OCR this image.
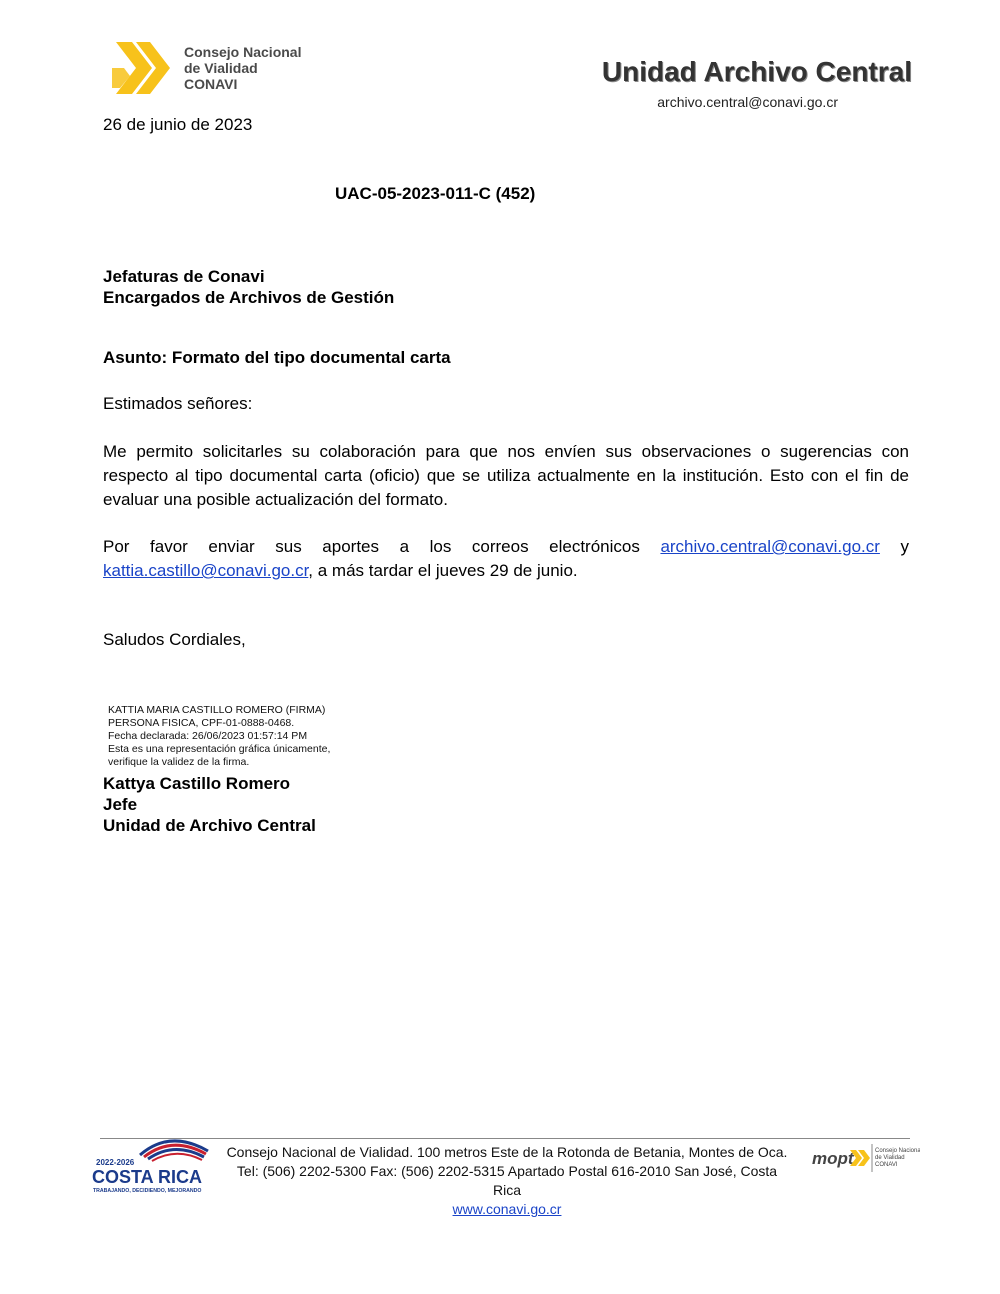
Consejo Nacional
de Vialidad
CONAVI	Unidad Archivo Central
archivo.central@conavi.go.cr
26 de junio de 2023
UAC-05-2023-011-C (452)
Jefaturas de Conavi
Encargados de Archivos de Gestión
Asunto: Formato del tipo documental carta
Estimados señores:
Me permito solicitarles su colaboración para que nos envíen sus observaciones o sugerencias con respecto al tipo documental carta (oficio) que se utiliza actualmente en la institución. Esto con el fin de evaluar una posible actualización del formato.
Por favor enviar sus aportes a los correos electrónicos archivo.central@conavi.go.cr y kattia.castillo@conavi.go.cr, a más tardar el jueves 29 de junio.
Saludos Cordiales,
KATTIA MARIA CASTILLO ROMERO (FIRMA)
PERSONA FISICA, CPF-01-0888-0468.
Fecha declarada: 26/06/2023 01:57:14 PM
Esta es una representación gráfica únicamente,
verifique la validez de la firma.
Kattya Castillo Romero
Jefe
Unidad de Archivo Central
2022-2026
COSTA RICA
TRABAJANDO, DECIDIENDO, MEJORANDO
Consejo Nacional de Vialidad. 100 metros Este de la Rotonda de Betania, Montes de Oca.
Tel: (506) 2202-5300 Fax: (506) 2202-5315 Apartado Postal 616-2010 San José, Costa Rica
www.conavi.go.cr
mopt	Consejo Nacional
de Vialidad
CONAVI
